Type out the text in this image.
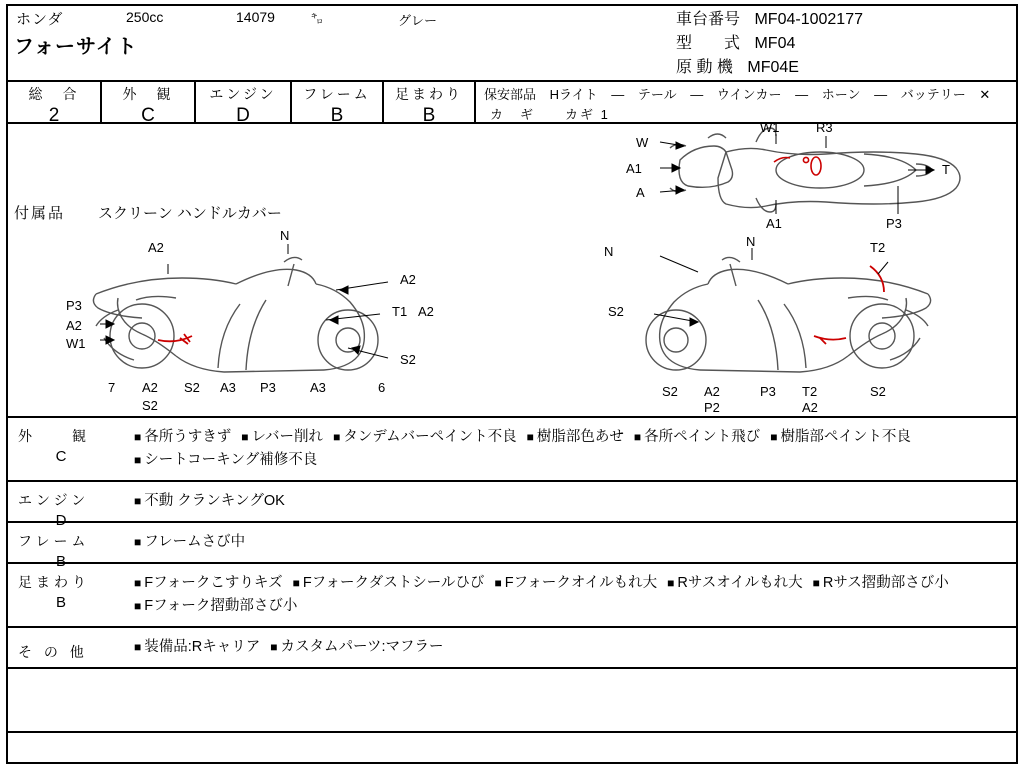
ホンダ
フォーサイト
250cc	14079	㌔	グレー	車台番号 MF04-1002177
型　　式 MF04
原 動 機 MF04E
総　合
2
外　観
C
エンジン
D
フレーム
B
足まわり
B
保安部品 Hライト ― テール ― ウインカー ― ホーン ― バッテリー ✕
カ　ギ　　カギ 1
付属品 スクリーン ハンドルカバー
W
W1	R3
A1	T
A
A1	P3
A2
N
A2
P3	T1 A2
A2
W1
S2
7 A2
S2
S2 A3 P3	A3	6
N
N	T2
S2
S2 A2
P2
P3 T2
A2
S2
外　　観
C
■ 各所うすきず ■ レバー削れ ■ タンデムバーペイント不良 ■ 樹脂部色あせ ■ 各所ペイント飛び ■ 樹脂部ペイント不良 ■ シートコーキング補修不良
エンジン
D
■ 不動 クランキングOK
フレーム
B
■ フレームさび中
足まわり
B
■ Fフォークこすりキズ ■ Fフォークダストシールひび ■ Fフォークオイルもれ大 ■ Rサスオイルもれ大 ■ Rサス摺動部さび小 ■ Fフォーク摺動部さび小
そ の 他	■ 装備品:Rキャリア ■ カスタムパーツ:マフラー
